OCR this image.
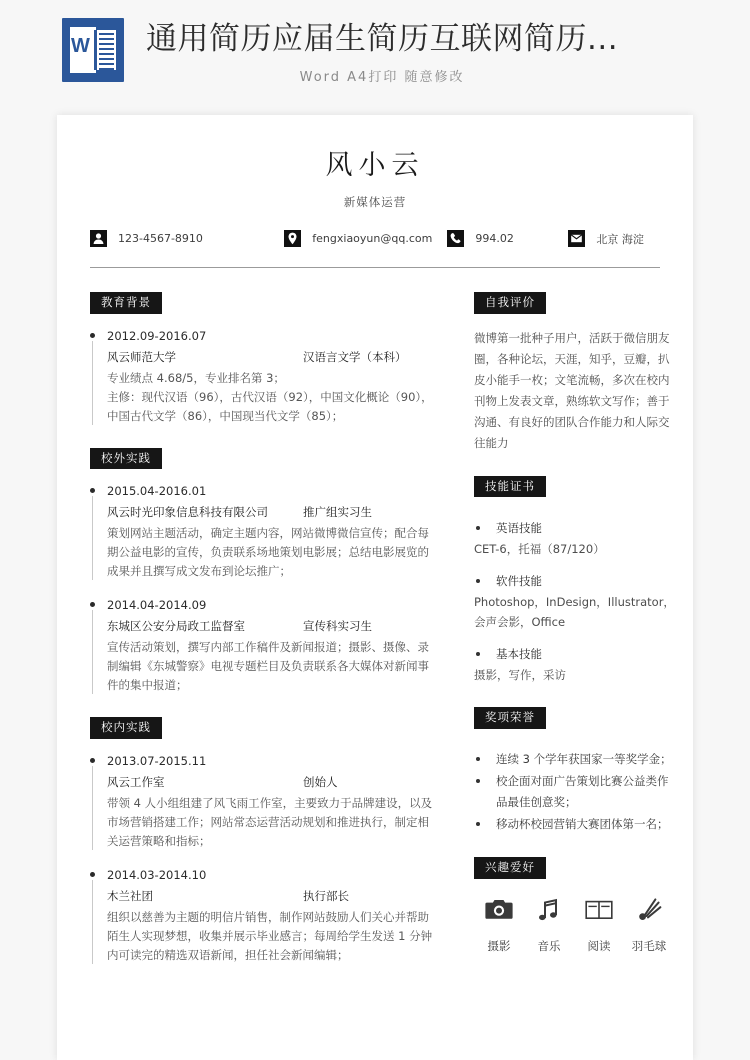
W 通用简历应届生简历互联网简历...
Word A4打印 随意修改
风小云
新媒体运营
123-4567-8910	fengxiaoyun@qq.com	994.02	北京 海淀
教育背景
2012.09-2016.07
风云师范大学	汉语言文学（本科）
专业绩点 4.68/5，专业排名第 3；
主修：现代汉语（96），古代汉语（92），中国文化概论（90），
中国古代文学（86），中国现当代文学（85）；
校外实践
2015.04-2016.01
风云时光印象信息科技有限公司	推广组实习生
策划网站主题活动，确定主题内容，网站微博微信宣传；配合每
期公益电影的宣传，负责联系场地策划电影展；总结电影展览的
成果并且撰写成文发布到论坛推广；
2014.04-2014.09
东城区公安分局政工监督室	宣传科实习生
宣传活动策划，撰写内部工作稿件及新闻报道；摄影、摄像、录
制编辑《东城警察》电视专题栏目及负责联系各大媒体对新闻事
件的集中报道；
校内实践
2013.07-2015.11
风云工作室	创始人
带领 4 人小组组建了风飞雨工作室，主要致力于品牌建设，以及
市场营销搭建工作；网站常态运营活动规划和推进执行，制定相
关运营策略和指标；
2014.03-2014.10
木兰社团	执行部长
组织以慈善为主题的明信片销售，制作网站鼓励人们关心并帮助
陌生人实现梦想，收集并展示毕业感言；每周给学生发送 1 分钟
内可读完的精选双语新闻，担任社会新闻编辑；
自我评价
微博第一批种子用户，活跃于微信朋友
圈，各种论坛，天涯，知乎，豆瓣，扒
皮小能手一枚；文笔流畅，多次在校内
刊物上发表文章，熟练软文写作；善于
沟通、有良好的团队合作能力和人际交
往能力
技能证书
英语技能
CET-6，托福（87/120）
软件技能
Photoshop，InDesign，Illustrator，
会声会影，Office
基本技能
摄影，写作，采访
奖项荣誉
连续 3 个学年获国家一等奖学金；
校企面对面广告策划比赛公益类作
品最佳创意奖；
移动杯校园营销大赛团体第一名；
兴趣爱好
摄影	音乐	阅读	羽毛球
